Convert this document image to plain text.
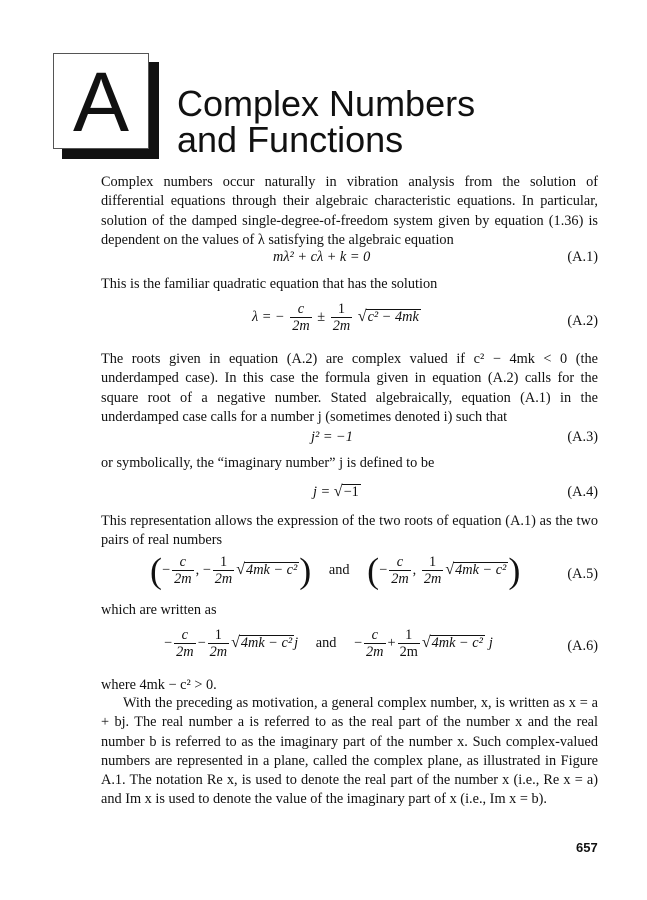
A	Complex Numbers
and Functions

Complex numbers occur naturally in vibration analysis from the solution of differential equations through their algebraic characteristic equations. In particular, solution of the damped single-degree-of-freedom system given by equation (1.36) is dependent on the values of λ satisfying the algebraic equation

mλ² + cλ + k = 0	(A.1)

This is the familiar quadratic equation that has the solution

λ = − $\frac{c}{2m} \pm \frac{1}{2m} √c^2 - 4mk$	(A.2)

The roots given in equation (A.2) are complex valued if c² − 4mk < 0 (the underdamped case). In this case the formula given in equation (A.2) calls for the square root of a negative number. Stated algebraically, equation (A.1) in the underdamped case calls for a number j (sometimes denoted i) such that

j² = −1	(A.3)

or symbolically, the “imaginary number” j is defined to be

j = √−1	(A.4)

This representation allows the expression of the two roots of equation (A.1) as the two pairs of real numbers

(− $\frac{c}{2m}$ , − $\frac{1}{2m} √4mk - c^2$) and (− $\frac{c}{2m}$ , $\frac{1}{2m} √4mk - c^2$)	(A.5)

which are written as

− $\frac{c}{2m} - \frac{1}{2m} √4mk - c^2$ j and − $\frac{c}{2m} + \frac{1}{2m} √4mk - c^2$ j	(A.6)

where 4mk − c² > 0.

With the preceding as motivation, a general complex number, x, is written as x = a + bj. The real number a is referred to as the real part of the number x and the real number b is referred to as the imaginary part of the number x. Such complex-valued numbers are represented in a plane, called the complex plane, as illustrated in Figure A.1. The notation Re x, is used to denote the real part of the number x (i.e., Re x = a) and Im x is used to denote the value of the imaginary part of x (i.e., Im x = b).

657
